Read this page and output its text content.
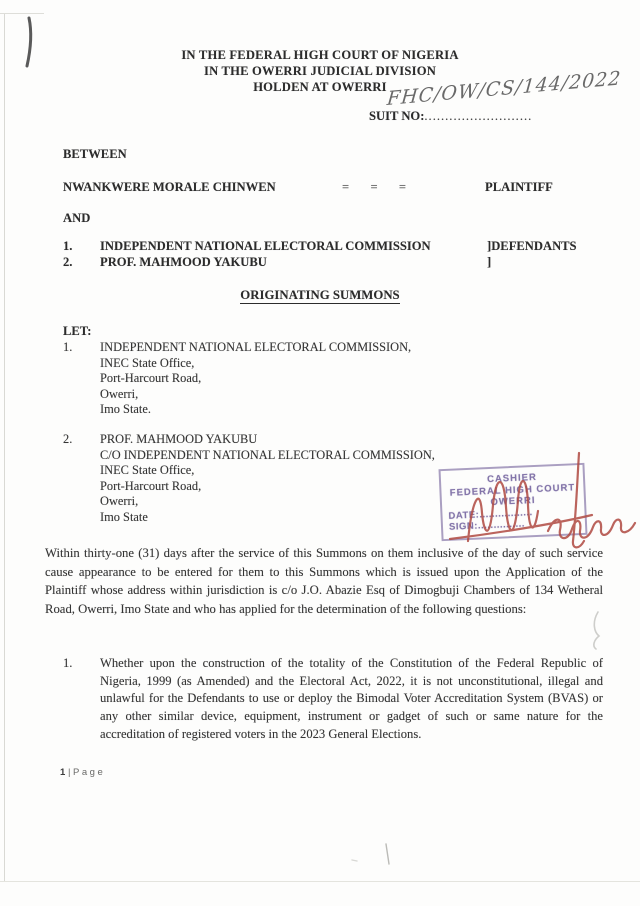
IN THE FEDERAL HIGH COURT OF NIGERIA
IN THE OWERRI JUDICIAL DIVISION
HOLDEN AT OWERRI
SUIT NO:..........................
FHC/OW/CS/144/2022
BETWEEN
NWANKWERE MORALE CHINWEN	= = =	PLAINTIFF
AND
1. INDEPENDENT NATIONAL ELECTORAL COMMISSION	]DEFENDANTS
2. PROF. MAHMOOD YAKUBU	]
ORIGINATING SUMMONS
LET:
1. INDEPENDENT NATIONAL ELECTORAL COMMISSION,
INEC State Office,
Port-Harcourt Road,
Owerri,
Imo State.
2. PROF. MAHMOOD YAKUBU
C/O INDEPENDENT NATIONAL ELECTORAL COMMISSION,
INEC State Office,
Port-Harcourt Road,
Owerri,
Imo State
CASHIER
FEDERAL HIGH COURT
OWERRI
DATE:.................
SIGN:...............
Within thirty-one (31) days after the service of this Summons on them inclusive of the day of such service cause appearance to be entered for them to this Summons which is issued upon the Application of the Plaintiff whose address within jurisdiction is c/o J.O. Abazie Esq of Dimogbuji Chambers of 134 Wetheral Road, Owerri, Imo State and who has applied for the determination of the following questions:
1. Whether upon the construction of the totality of the Constitution of the Federal Republic of Nigeria, 1999 (as Amended) and the Electoral Act, 2022, it is not unconstitutional, illegal and unlawful for the Defendants to use or deploy the Bimodal Voter Accreditation System (BVAS) or any other similar device, equipment, instrument or gadget of such or same nature for the accreditation of registered voters in the 2023 General Elections.
1 | Page
